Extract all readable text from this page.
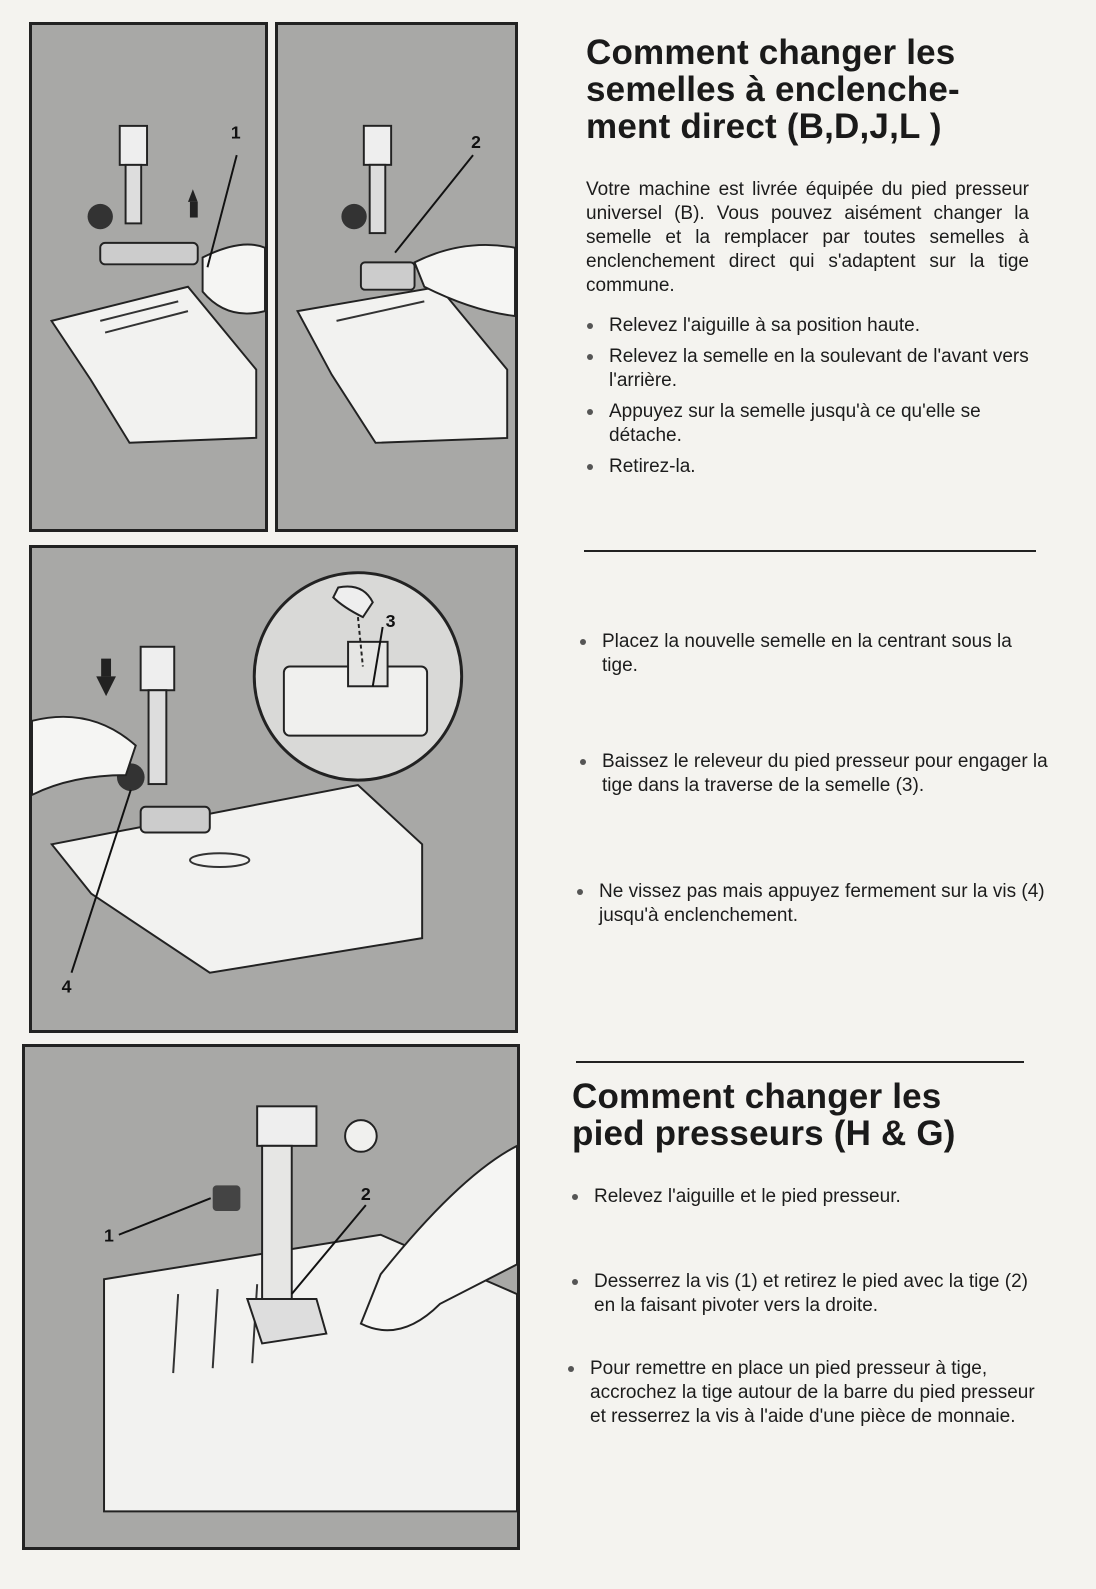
1	2
3
4
1
2
Comment changer les
semelles à enclenche-
ment direct (B,D,J,L )

Votre machine est livrée équipée du pied presseur universel (B). Vous pouvez aisément changer la semelle et la remplacer par toutes semelles à enclenchement direct qui s'adaptent sur la tige commune.

Relevez l'aiguille à sa position haute.
Relevez la semelle en la soulevant de l'avant vers l'arrière.
Appuyez sur la semelle jusqu'à ce qu'elle se détache.
Retirez-la.

Placez la nouvelle semelle en la centrant sous la tige.

Baissez le releveur du pied presseur pour engager la tige dans la traverse de la semelle (3).

Ne vissez pas mais appuyez fermement sur la vis (4) jusqu'à enclenchement.

Comment changer les
pied presseurs (H & G)

Relevez l'aiguille et le pied presseur.

Desserrez la vis (1) et retirez le pied avec la tige (2) en la faisant pivoter vers la droite.

Pour remettre en place un pied presseur à tige, accrochez la tige autour de la barre du pied presseur et resserrez la vis à l'aide d'une pièce de monnaie.
